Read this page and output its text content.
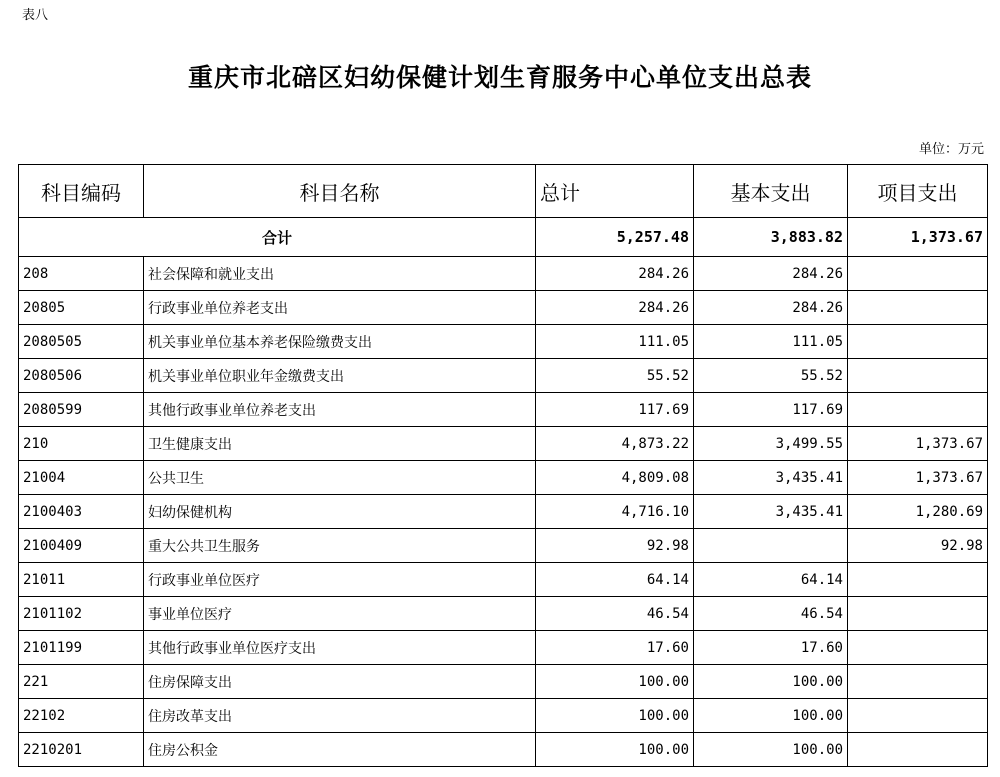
表八
重庆市北碚区妇幼保健计划生育服务中心单位支出总表
单位：万元
科目编码	科目名称	总计	基本支出	项目支出
合计		5,257.48	3,883.82	1,373.67
208	社会保障和就业支出	284.26	284.26	
20805	行政事业单位养老支出	284.26	284.26	
2080505	机关事业单位基本养老保险缴费支出	111.05	111.05	
2080506	机关事业单位职业年金缴费支出	55.52	55.52	
2080599	其他行政事业单位养老支出	117.69	117.69	
210	卫生健康支出	4,873.22	3,499.55	1,373.67
21004	公共卫生	4,809.08	3,435.41	1,373.67
2100403	妇幼保健机构	4,716.10	3,435.41	1,280.69
2100409	重大公共卫生服务	92.98		92.98
21011	行政事业单位医疗	64.14	64.14	
2101102	事业单位医疗	46.54	46.54	
2101199	其他行政事业单位医疗支出	17.60	17.60	
221	住房保障支出	100.00	100.00	
22102	住房改革支出	100.00	100.00	
2210201	住房公积金	100.00	100.00	
